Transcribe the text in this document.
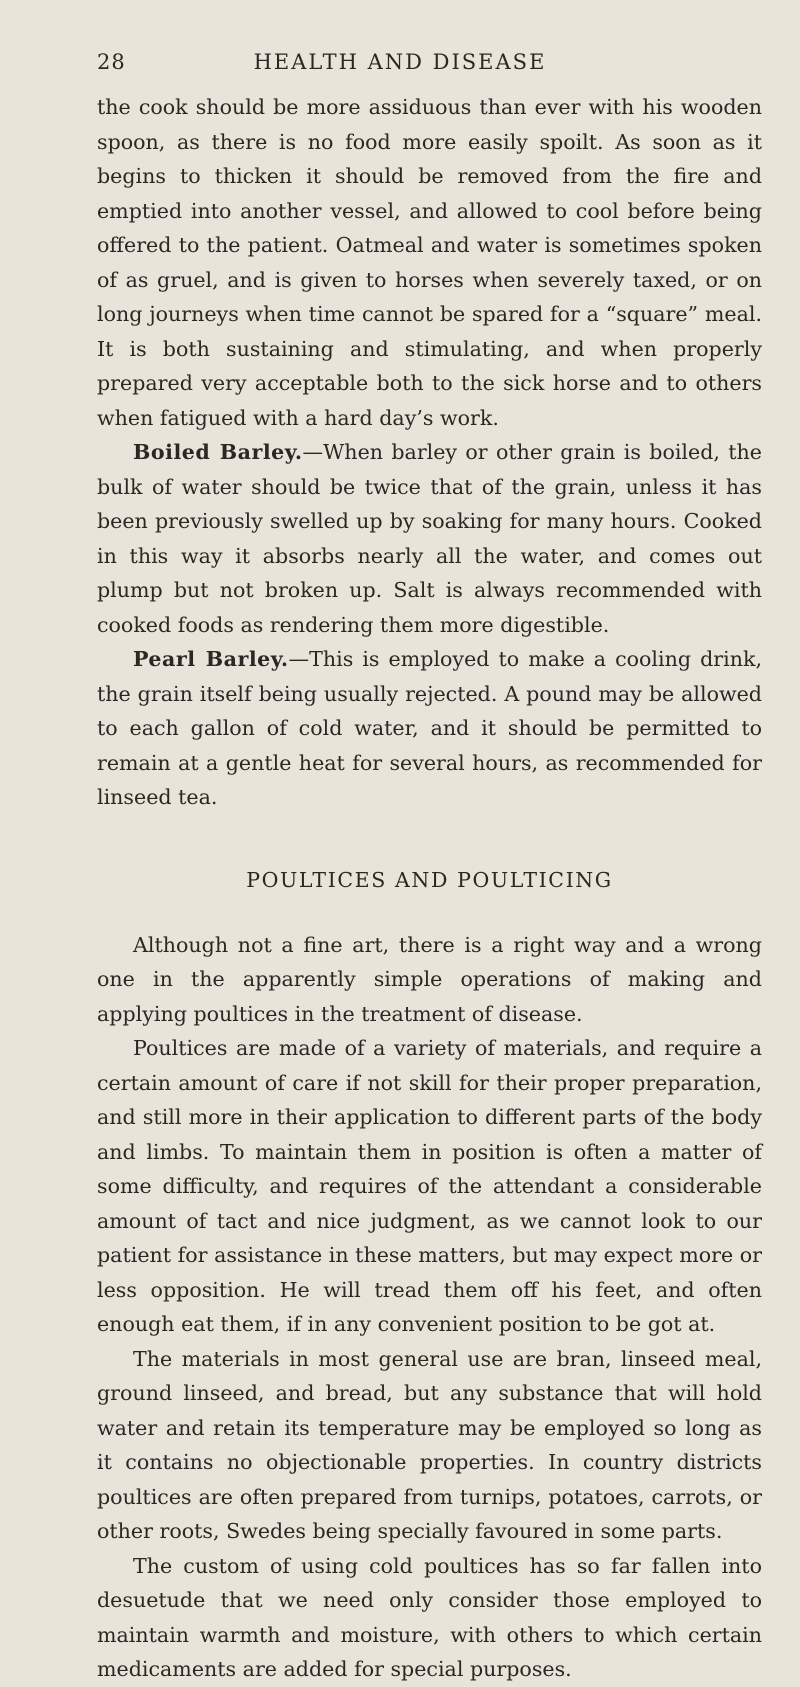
28	HEALTH AND DISEASE

the cook should be more assiduous than ever with his wooden spoon, as there is no food more easily spoilt. As soon as it begins to thicken it should be removed from the fire and emptied into another vessel, and allowed to cool before being offered to the patient. Oatmeal and water is sometimes spoken of as gruel, and is given to horses when severely taxed, or on long journeys when time cannot be spared for a “square” meal. It is both sustaining and stimulating, and when properly prepared very acceptable both to the sick horse and to others when fatigued with a hard day’s work.

Boiled Barley.—When barley or other grain is boiled, the bulk of water should be twice that of the grain, unless it has been previously swelled up by soaking for many hours. Cooked in this way it absorbs nearly all the water, and comes out plump but not broken up. Salt is always recommended with cooked foods as rendering them more digestible.

Pearl Barley.—This is employed to make a cooling drink, the grain itself being usually rejected. A pound may be allowed to each gallon of cold water, and it should be permitted to remain at a gentle heat for several hours, as recommended for linseed tea.

POULTICES AND POULTICING

Although not a fine art, there is a right way and a wrong one in the apparently simple operations of making and applying poultices in the treatment of disease.

Poultices are made of a variety of materials, and require a certain amount of care if not skill for their proper preparation, and still more in their application to different parts of the body and limbs. To maintain them in position is often a matter of some difficulty, and requires of the attendant a considerable amount of tact and nice judgment, as we cannot look to our patient for assistance in these matters, but may expect more or less opposition. He will tread them off his feet, and often enough eat them, if in any convenient position to be got at.

The materials in most general use are bran, linseed meal, ground linseed, and bread, but any substance that will hold water and retain its temperature may be employed so long as it contains no objectionable properties. In country districts poultices are often prepared from turnips, potatoes, carrots, or other roots, Swedes being specially favoured in some parts.

The custom of using cold poultices has so far fallen into desuetude that we need only consider those employed to maintain warmth and moisture, with others to which certain medicaments are added for special purposes.
